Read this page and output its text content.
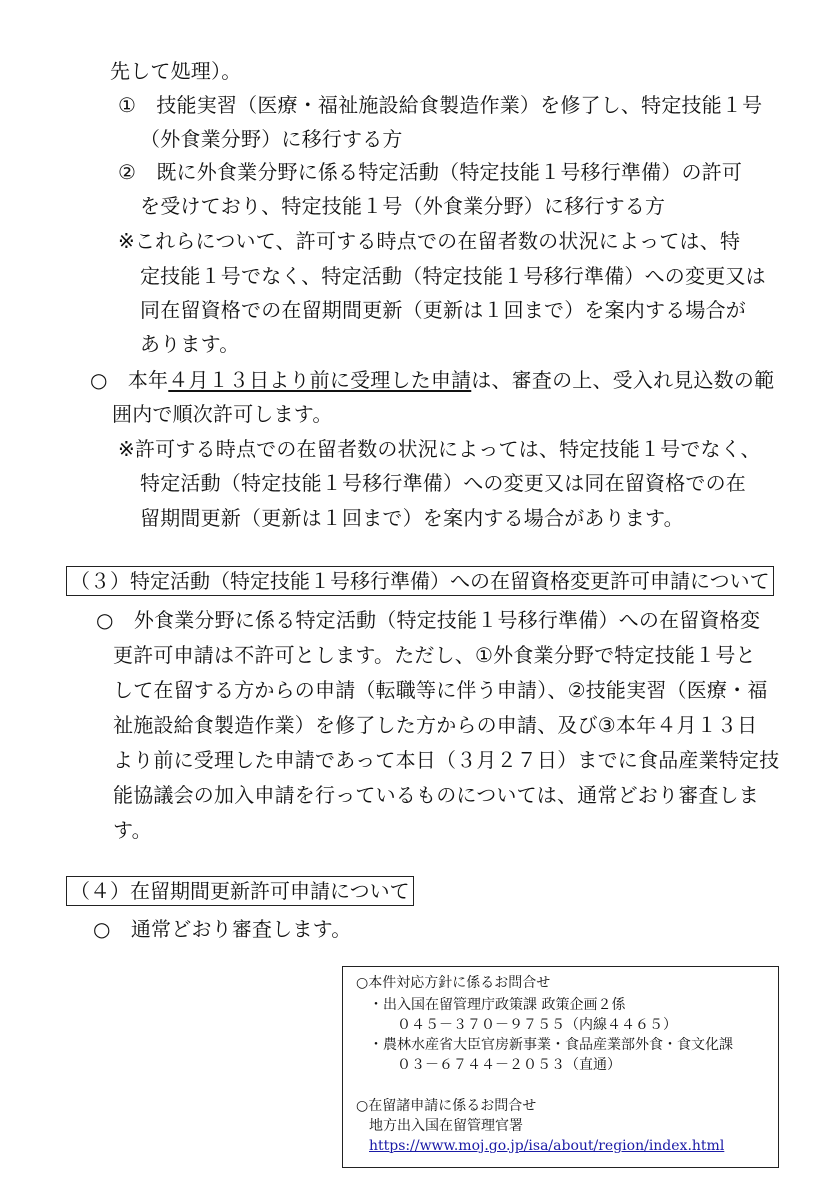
先して処理）。
①　技能実習（医療・福祉施設給食製造作業）を修了し、特定技能１号
（外食業分野）に移行する方
②　既に外食業分野に係る特定活動（特定技能１号移行準備）の許可
を受けており、特定技能１号（外食業分野）に移行する方
※これらについて、許可する時点での在留者数の状況によっては、特
定技能１号でなく、特定活動（特定技能１号移行準備）への変更又は
同在留資格での在留期間更新（更新は１回まで）を案内する場合が
あります。
○　本年４月１３日より前に受理した申請は、審査の上、受入れ見込数の範
囲内で順次許可します。
※許可する時点での在留者数の状況によっては、特定技能１号でなく、
特定活動（特定技能１号移行準備）への変更又は同在留資格での在
留期間更新（更新は１回まで）を案内する場合があります。
（３）特定活動（特定技能１号移行準備）への在留資格変更許可申請について
○　外食業分野に係る特定活動（特定技能１号移行準備）への在留資格変
更許可申請は不許可とします。ただし、①外食業分野で特定技能１号と
して在留する方からの申請（転職等に伴う申請）、②技能実習（医療・福
祉施設給食製造作業）を修了した方からの申請、及び③本年４月１３日
より前に受理した申請であって本日（３月２７日）までに食品産業特定技
能協議会の加入申請を行っているものについては、通常どおり審査しま
す。
（４）在留期間更新許可申請について
○　通常どおり審査します。
○本件対応方針に係るお問合せ
・出入国在留管理庁政策課 政策企画２係
０４５－３７０－９７５５（内線４４６５）
・農林水産省大臣官房新事業・食品産業部外食・食文化課
０３－６７４４－２０５３（直通）
○在留諸申請に係るお問合せ
地方出入国在留管理官署
https://www.moj.go.jp/isa/about/region/index.html
